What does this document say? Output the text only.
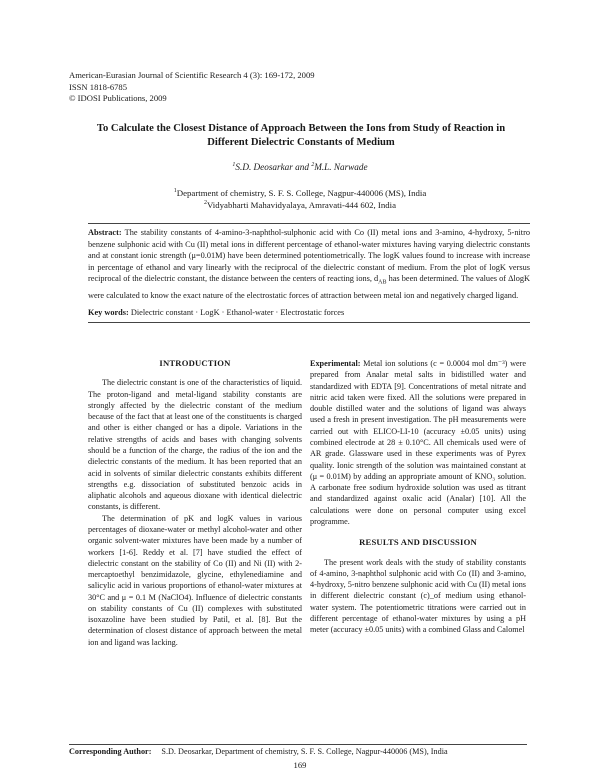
American-Eurasian Journal of Scientific Research 4 (3): 169-172, 2009
ISSN 1818-6785
© IDOSI Publications, 2009
To Calculate the Closest Distance of Approach Between the Ions from Study of Reaction in Different Dielectric Constants of Medium
$^1$S.D. Deosarkar and $^2$M.L. Narwade
$^1$Department of chemistry, S. F. S. College, Nagpur-440006 (MS), India
$^2$Vidyabharti Mahavidyalaya, Amravati-444 602, India
Abstract: The stability constants of 4-amino-3-naphthol-sulphonic acid with Co (II) metal ions and 3-amino, 4-hydroxy, 5-nitro benzene sulphonic acid with Cu (II) metal ions in different percentage of ethanol-water mixtures having varying dielectric constants and at constant ionic strength (μ=0.01M) have been determined potentiometrically. The logK values found to increase with increase in percentage of ethanol and vary linearly with the reciprocal of the dielectric constant of medium. From the plot of logK versus reciprocal of the dielectric constant, the distance between the centers of reacting ions, $d_{AB}$ has been determined. The values of ΔlogK were calculated to know the exact nature of the electrostatic forces of attraction between metal ion and negatively charged ligand.
Key words: Dielectric constant · LogK · Ethanol-water · Electrostatic forces
INTRODUCTION

The dielectric constant is one of the characteristics of liquid. The proton-ligand and metal-ligand stability constants are strongly affected by the dielectric constant of the medium because of the fact that at least one of the constituents is charged and other is either changed or has a dipole. Variations in the relative strengths of acids and bases with changing solvents should be a function of the charge, the radius of the ion and the dielectric constants of the medium. It has been reported that an acid in solvents of similar dielectric constants exhibits different strengths e.g. dissociation of substituted benzoic acids in aliphatic alcohols and aqueous dioxane with identical dielectric constants, is different.

The determination of pK and logK values in various percentages of dioxane-water or methyl alcohol-water and other organic solvent-water mixtures have been made by a number of workers [1-6]. Reddy et al. [7] have studied the effect of dielectric constant on the stability of Co (II) and Ni (II) with 2-mercaptoethyl benzimidazole, glycine, ethylenediamine and salicylic acid in various proportions of ethanol-water mixtures at 30°C and μ = 0.1 M (NaClO4). Influence of dielectric constants on stability constants of Cu (II) complexes with substituted isoxazoline have been studied by Patil, et al. [8]. But the determination of closest distance of approach between the metal ion and ligand was lacking.

Experimental: Metal ion solutions (c = 0.0004 mol dm⁻³) were prepared from Analar metal salts in bidistilled water and standardized with EDTA [9]. Concentrations of metal nitrate and nitric acid taken were fixed. All the solutions were prepared in double distilled water and the solutions of ligand was always used a fresh in present investigation. The pH measurements were carried out with ELICO-LI-10 (accuracy ±0.05 units) using combined electrode at 28 ± 0.10°C. All chemicals used were of AR grade. Glassware used in these experiments was of Pyrex quality. Ionic strength of the solution was maintained constant at (μ = 0.01M) by adding an appropriate amount of KNO₃ solution. A carbonate free sodium hydroxide solution was used as titrant and standardized against oxalic acid (Analar) [10]. All the calculations were done on personal computer using excel programme.

RESULTS AND DISCUSSION

The present work deals with the study of stability constants of 4-amino, 3-naphthol sulphonic acid with Co (II) and 3-amino, 4-hydroxy, 5-nitro benzene sulphonic acid with Cu (II) metal ions in different dielectric constant (c)_of medium using ethanol-water system. The potentiometric titrations were carried out in different percentage of ethanol-water mixtures by using a pH meter (accuracy ±0.05 units) with a combined Glass and Calomel

Corresponding Author: S.D. Deosarkar, Department of chemistry, S. F. S. College, Nagpur-440006 (MS), India
169
